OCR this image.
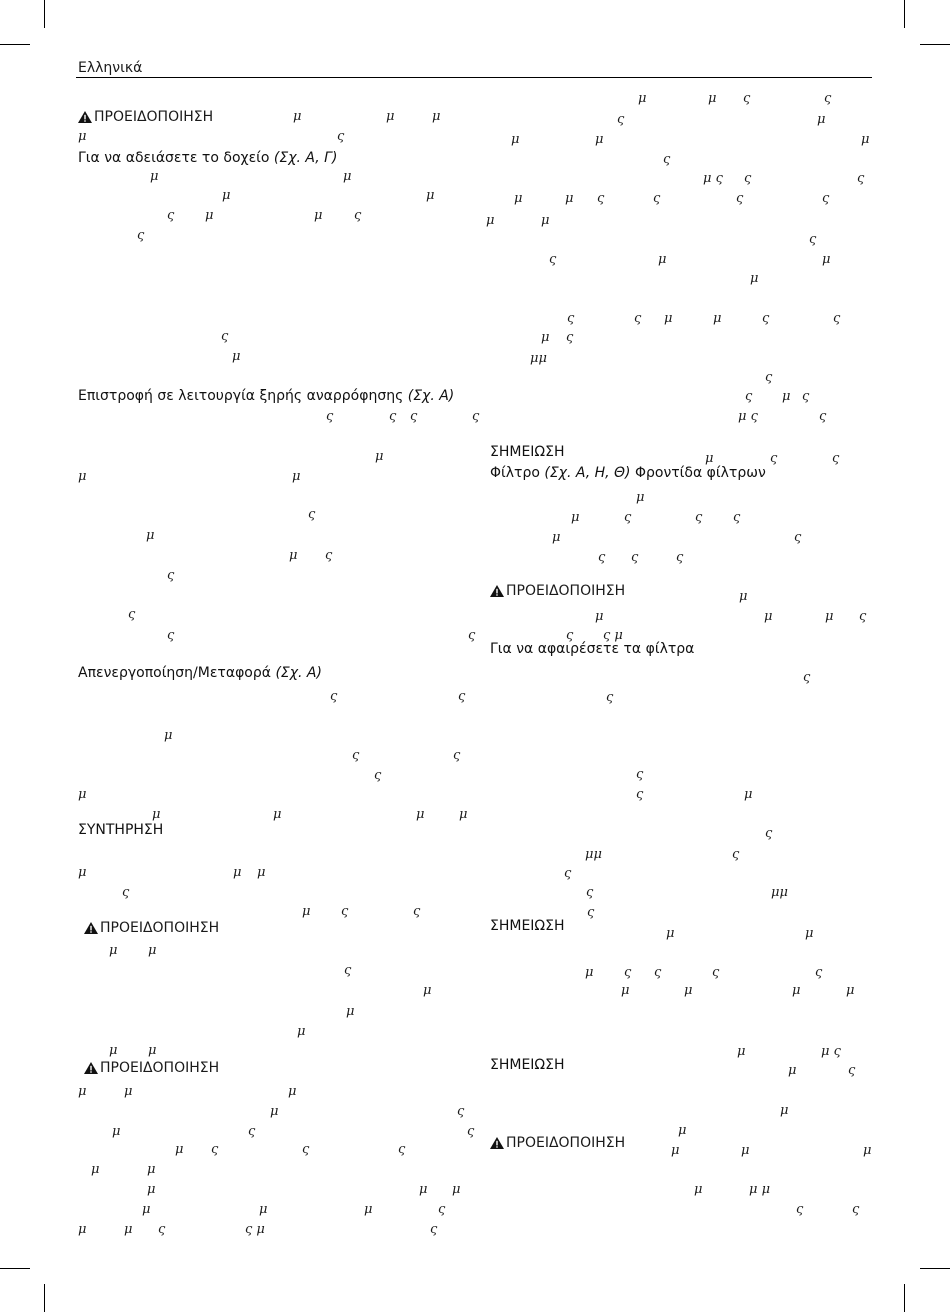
Ελληνικά
ΠΡΟΕΙΔΟΠΟΙΗΣΗ
Για να αδειάσετε το δοχείο (Σχ. A, Γ)
Επιστροφή σε λειτουργία ξηρής αναρρόφησης (Σχ. A)
Απενεργοποίηση/Μεταφορά (Σχ. A)
ΣΥΝΤΗΡΗΣΗ
ΠΡΟΕΙΔΟΠΟΙΗΣΗ
ΠΡΟΕΙΔΟΠΟΙΗΣΗ
ΣΗΜΕΙΩΣΗ
Φίλτρο (Σχ. A, H, Θ) Φροντίδα φίλτρων
ΠΡΟΕΙΔΟΠΟΙΗΣΗ
Για να αφαιρέσετε τα φίλτρα
ΣΗΜΕΙΩΣΗ
ΣΗΜΕΙΩΣΗ
ΠΡΟΕΙΔΟΠΟΙΗΣΗ
μ	μ	μ
μ	ς
μ	μ
μ	μ
ς μ	μ ς
ς
ς
μ
ς	ς ς	ς
μ
μ	μ
ς
μ
μ ς
ς
ς
ς	ς
ς	ς
μ
ς	ς
ς
μ
μ	μ	μ	μ
μ	μ μ
ς
μ ς	ς
μ μ
ς
μ
μ
μ
μ μ
μ	μ	μ
μ	ς
μ	ς	ς
μ ς	ς	ς
μ	μ
μ	μ μ
μ	μ	μ	ς
μ	μ ς	ς μ	ς
μ	μ ς	ς
ς	μ
μ	μ	μ
ς
μ ς ς	ς
μ	μ ς	ς	ς	ς
μ	μ
ς
ς	μ	μ
μ
ς	ς μ	μ	ς	ς
μ ς
μμ
ς
ς μ ς
μ ς	ς
μ	ς	ς
μ
μ	ς	ς ς
μ	ς
ς ς	ς
μ
μ	μ	μ ς
ς ς μ
ς
ς
ς
ς	μ
ς
μμ	ς
ς
ς	μμ
ς
μ	μ
μ ς ς	ς	ς
μ	μ	μ	μ
μ	μ ς
μ	ς
μ
μ
μ	μ	μ
μ	μ μ
ς	ς
